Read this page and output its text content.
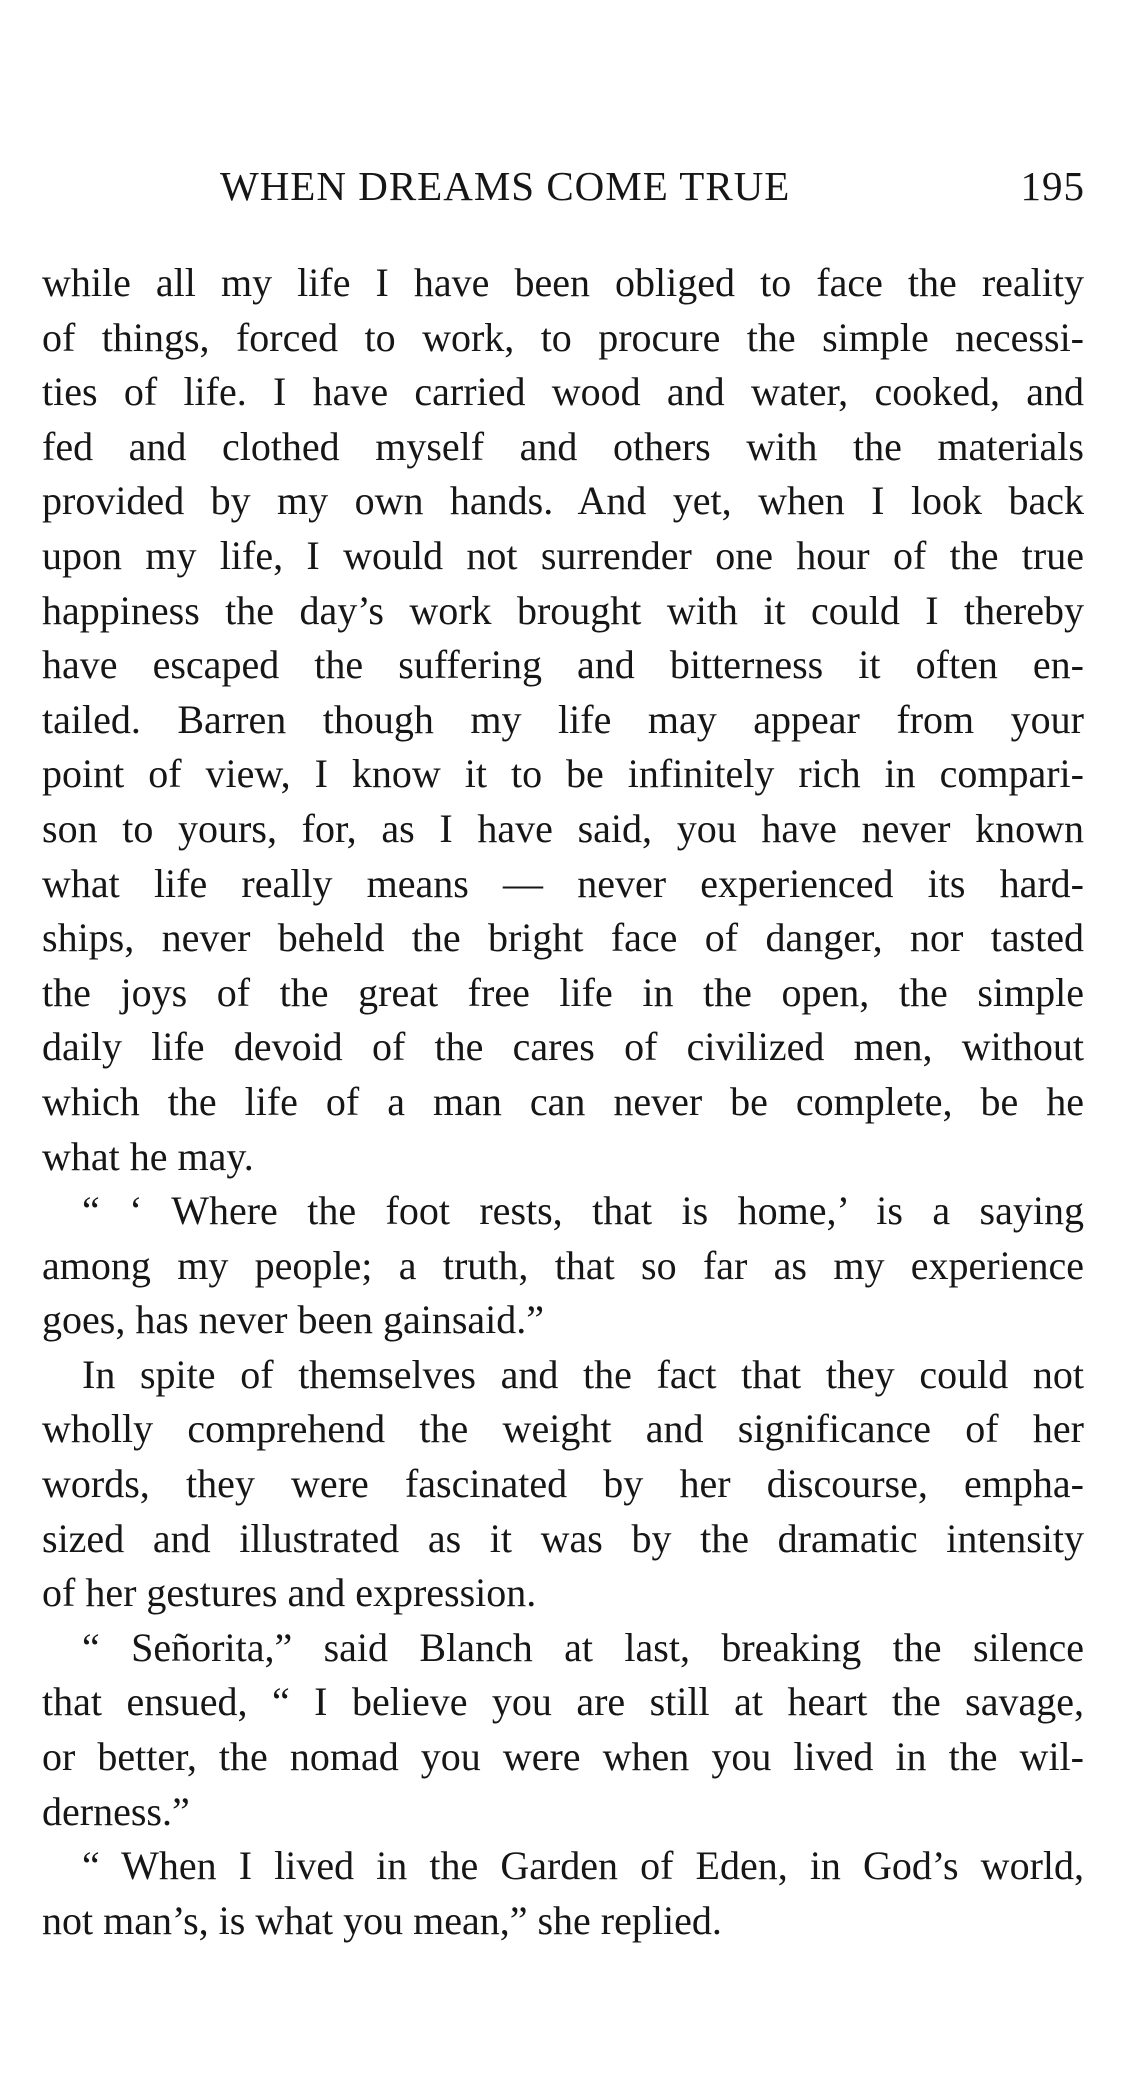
WHEN DREAMS COME TRUE	195
while all my life I have been obliged to face the reality
of things, forced to work, to procure the simple necessi-
ties of life. I have carried wood and water, cooked, and
fed and clothed myself and others with the materials
provided by my own hands. And yet, when I look back
upon my life, I would not surrender one hour of the true
happiness the day’s work brought with it could I thereby
have escaped the suffering and bitterness it often en-
tailed. Barren though my life may appear from your
point of view, I know it to be infinitely rich in compari-
son to yours, for, as I have said, you have never known
what life really means — never experienced its hard-
ships, never beheld the bright face of danger, nor tasted
the joys of the great free life in the open, the simple
daily life devoid of the cares of civilized men, without
which the life of a man can never be complete, be he
what he may.
“ ‘ Where the foot rests, that is home,’ is a saying
among my people; a truth, that so far as my experience
goes, has never been gainsaid.”
In spite of themselves and the fact that they could not
wholly comprehend the weight and significance of her
words, they were fascinated by her discourse, empha-
sized and illustrated as it was by the dramatic intensity
of her gestures and expression.
“ Señorita,” said Blanch at last, breaking the silence
that ensued, “ I believe you are still at heart the savage,
or better, the nomad you were when you lived in the wil-
derness.”
“ When I lived in the Garden of Eden, in God’s world,
not man’s, is what you mean,” she replied.
